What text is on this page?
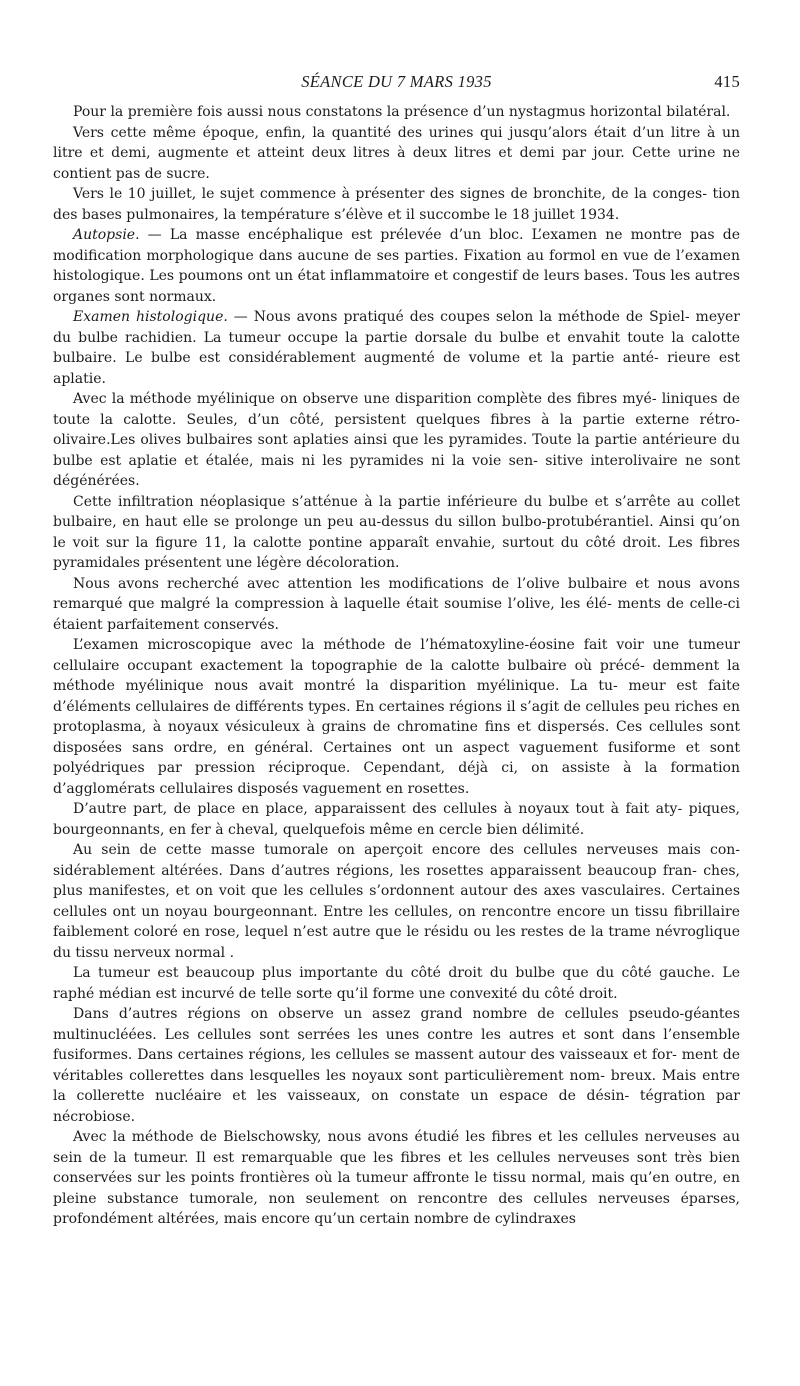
SÉANCE DU 7 MARS 1935	415

Pour la première fois aussi nous constatons la présence d’un nystagmus horizontal bilatéral.

Vers cette même époque, enfin, la quantité des urines qui jusqu’alors était d’un litre à un litre et demi, augmente et atteint deux litres à deux litres et demi par jour. Cette urine ne contient pas de sucre.

Vers le 10 juillet, le sujet commence à présenter des signes de bronchite, de la conges- tion des bases pulmonaires, la température s’élève et il succombe le 18 juillet 1934.

Autopsie. — La masse encéphalique est prélevée d’un bloc. L’examen ne montre pas de modification morphologique dans aucune de ses parties. Fixation au formol en vue de l’examen histologique. Les poumons ont un état inflammatoire et congestif de leurs bases. Tous les autres organes sont normaux.

Examen histologique. — Nous avons pratiqué des coupes selon la méthode de Spiel- meyer du bulbe rachidien. La tumeur occupe la partie dorsale du bulbe et envahit toute la calotte bulbaire. Le bulbe est considérablement augmenté de volume et la partie anté- rieure est aplatie.

Avec la méthode myélinique on observe une disparition complète des fibres myé- liniques de toute la calotte. Seules, d’un côté, persistent quelques fibres à la partie externe rétro-olivaire.Les olives bulbaires sont aplaties ainsi que les pyramides. Toute la partie antérieure du bulbe est aplatie et étalée, mais ni les pyramides ni la voie sen- sitive interolivaire ne sont dégénérées.

Cette infiltration néoplasique s’atténue à la partie inférieure du bulbe et s’arrête au collet bulbaire, en haut elle se prolonge un peu au-dessus du sillon bulbo-protubérantiel. Ainsi qu’on le voit sur la figure 11, la calotte pontine apparaît envahie, surtout du côté droit. Les fibres pyramidales présentent une légère décoloration.

Nous avons recherché avec attention les modifications de l’olive bulbaire et nous avons remarqué que malgré la compression à laquelle était soumise l’olive, les élé- ments de celle-ci étaient parfaitement conservés.

L’examen microscopique avec la méthode de l’hématoxyline-éosine fait voir une tumeur cellulaire occupant exactement la topographie de la calotte bulbaire où précé- demment la méthode myélinique nous avait montré la disparition myélinique. La tu- meur est faite d’éléments cellulaires de différents types. En certaines régions il s’agit de cellules peu riches en protoplasma, à noyaux vésiculeux à grains de chromatine fins et dispersés. Ces cellules sont disposées sans ordre, en général. Certaines ont un aspect vaguement fusiforme et sont polyédriques par pression réciproque. Cependant, déjà ci, on assiste à la formation d’agglomérats cellulaires disposés vaguement en rosettes.

D’autre part, de place en place, apparaissent des cellules à noyaux tout à fait aty- piques, bourgeonnants, en fer à cheval, quelquefois même en cercle bien délimité.

Au sein de cette masse tumorale on aperçoit encore des cellules nerveuses mais con- sidérablement altérées. Dans d’autres régions, les rosettes apparaissent beaucoup fran- ches, plus manifestes, et on voit que les cellules s’ordonnent autour des axes vasculaires. Certaines cellules ont un noyau bourgeonnant. Entre les cellules, on rencontre encore un tissu fibrillaire faiblement coloré en rose, lequel n’est autre que le résidu ou les restes de la trame névroglique du tissu nerveux normal .

La tumeur est beaucoup plus importante du côté droit du bulbe que du côté gauche. Le raphé médian est incurvé de telle sorte qu’il forme une convexité du côté droit.

Dans d’autres régions on observe un assez grand nombre de cellules pseudo-géantes multinucléées. Les cellules sont serrées les unes contre les autres et sont dans l’ensemble fusiformes. Dans certaines régions, les cellules se massent autour des vaisseaux et for- ment de véritables collerettes dans lesquelles les noyaux sont particulièrement nom- breux. Mais entre la collerette nucléaire et les vaisseaux, on constate un espace de désin- tégration par nécrobiose.

Avec la méthode de Bielschowsky, nous avons étudié les fibres et les cellules nerveuses au sein de la tumeur. Il est remarquable que les fibres et les cellules nerveuses sont très bien conservées sur les points frontières où la tumeur affronte le tissu normal, mais qu’en outre, en pleine substance tumorale, non seulement on rencontre des cellules nerveuses éparses, profondément altérées, mais encore qu’un certain nombre de cylindraxes
